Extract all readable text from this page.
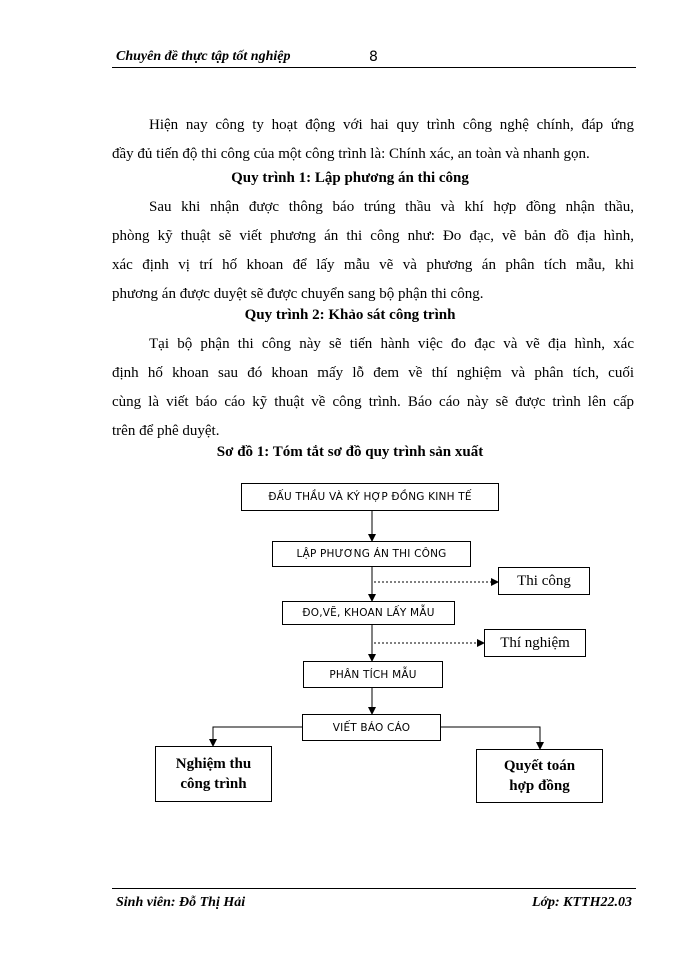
Chuyên đề thực tập tốt nghiệp	8
Hiện nay công ty hoạt động với hai quy trình công nghệ chính, đáp ứng
đầy đủ tiến độ thi công của một công trình là: Chính xác, an toàn và nhanh gọn.
Quy trình 1: Lập phương án thi công
Sau khi nhận được thông báo trúng thầu và khí hợp đồng nhận thầu,
phòng kỹ thuật sẽ viết phương án thi công như: Đo đạc, vẽ bản đồ địa hình,
xác định vị trí hố khoan để lấy mẫu vẽ và phương án phân tích mẫu, khi
phương án được duyệt sẽ được chuyển sang bộ phận thi công.
Quy trình 2: Khảo sát công trình
Tại bộ phận thi công này sẽ tiến hành việc đo đạc và vẽ địa hình, xác
định hố khoan sau đó khoan mấy lỗ đem về thí nghiệm và phân tích, cuối
cùng là viết báo cáo kỹ thuật về công trình. Báo cáo này sẽ được trình lên cấp
trên để phê duyệt.
Sơ đồ 1: Tóm tắt sơ đồ quy trình sản xuất
ĐẤU THẦU VÀ KÝ HỢP ĐỒNG KINH TẾ
LẬP PHƯƠNG ÁN THI CÔNG
Thi công
ĐO,VẼ, KHOAN LẤY MẪU
Thí nghiệm
PHÂN TÍCH MẪU
VIẾT BÁO CÁO
Nghiệm thu
công trình
Quyết toán
hợp đồng
Sinh viên: Đỗ Thị Hải	Lớp: KTTH22.03
